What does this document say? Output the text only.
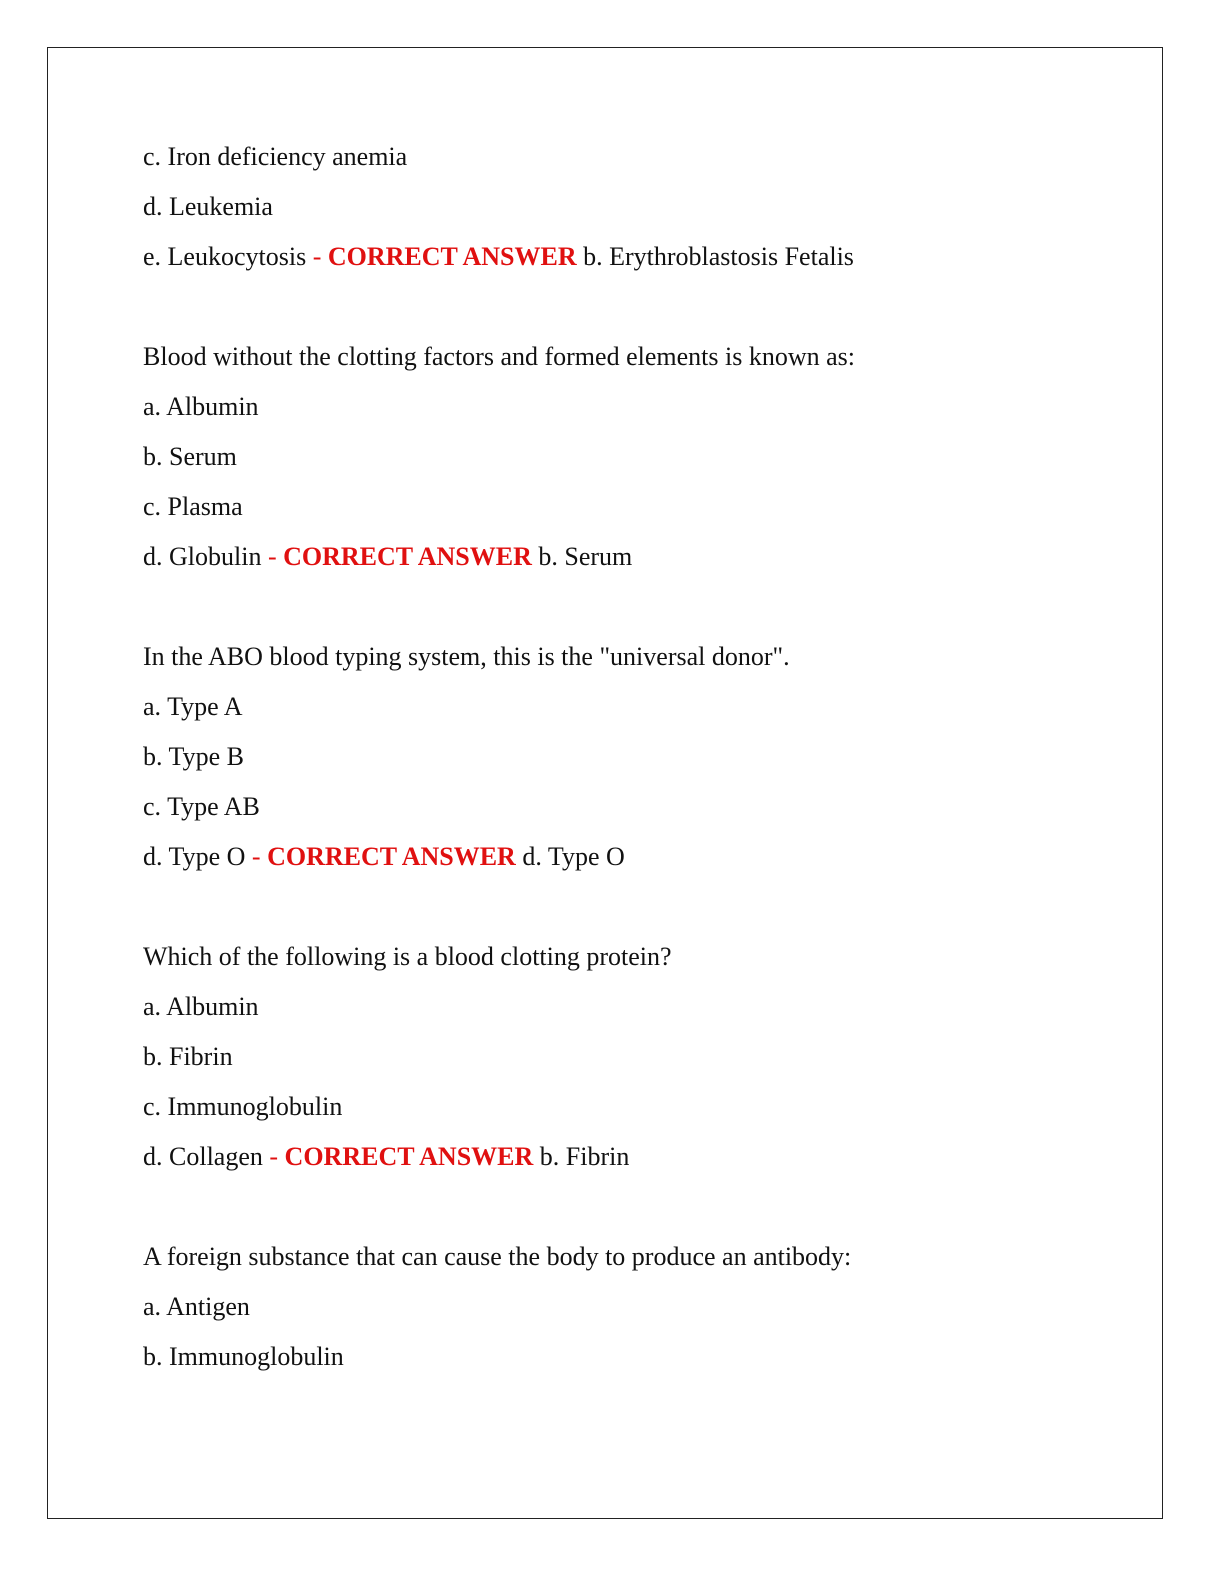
c. Iron deficiency anemia
d. Leukemia
e. Leukocytosis - CORRECT ANSWER b. Erythroblastosis Fetalis
Blood without the clotting factors and formed elements is known as:
a. Albumin
b. Serum
c. Plasma
d. Globulin - CORRECT ANSWER b. Serum
In the ABO blood typing system, this is the "universal donor".
a. Type A
b. Type B
c. Type AB
d. Type O - CORRECT ANSWER d. Type O
Which of the following is a blood clotting protein?
a. Albumin
b. Fibrin
c. Immunoglobulin
d. Collagen - CORRECT ANSWER b. Fibrin
A foreign substance that can cause the body to produce an antibody:
a. Antigen
b. Immunoglobulin
